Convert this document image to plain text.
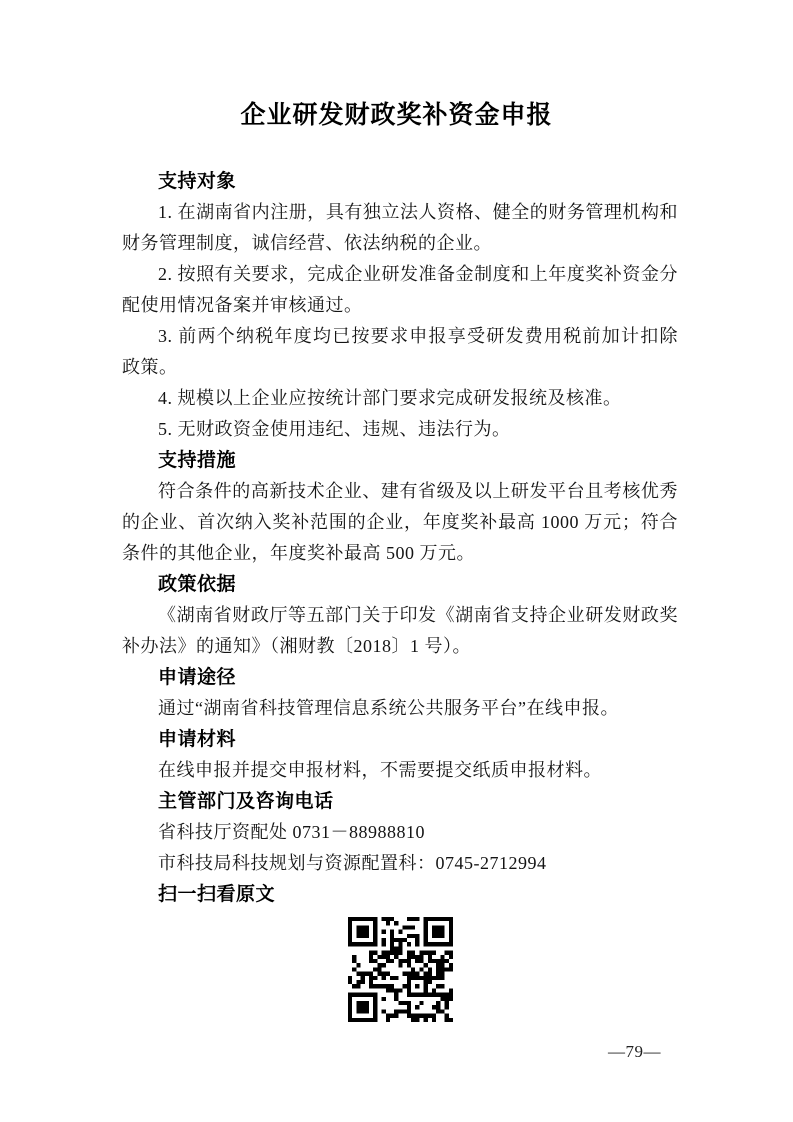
企业研发财政奖补资金申报
支持对象
1. 在湖南省内注册，具有独立法人资格、健全的财务管理机构和
财务管理制度，诚信经营、依法纳税的企业。
2. 按照有关要求，完成企业研发准备金制度和上年度奖补资金分
配使用情况备案并审核通过。
3. 前两个纳税年度均已按要求申报享受研发费用税前加计扣除
政策。
4. 规模以上企业应按统计部门要求完成研发报统及核准。
5. 无财政资金使用违纪、违规、违法行为。
支持措施
符合条件的高新技术企业、建有省级及以上研发平台且考核优秀
的企业、首次纳入奖补范围的企业，年度奖补最高 1000 万元；符合
条件的其他企业，年度奖补最高 500 万元。
政策依据
《湖南省财政厅等五部门关于印发《湖南省支持企业研发财政奖
补办法》的通知》（湘财教〔2018〕1 号）。
申请途径
通过“湖南省科技管理信息系统公共服务平台”在线申报。
申请材料
在线申报并提交申报材料，不需要提交纸质申报材料。
主管部门及咨询电话
省科技厅资配处 0731－88988810
市科技局科技规划与资源配置科：0745-2712994
扫一扫看原文
—79—
